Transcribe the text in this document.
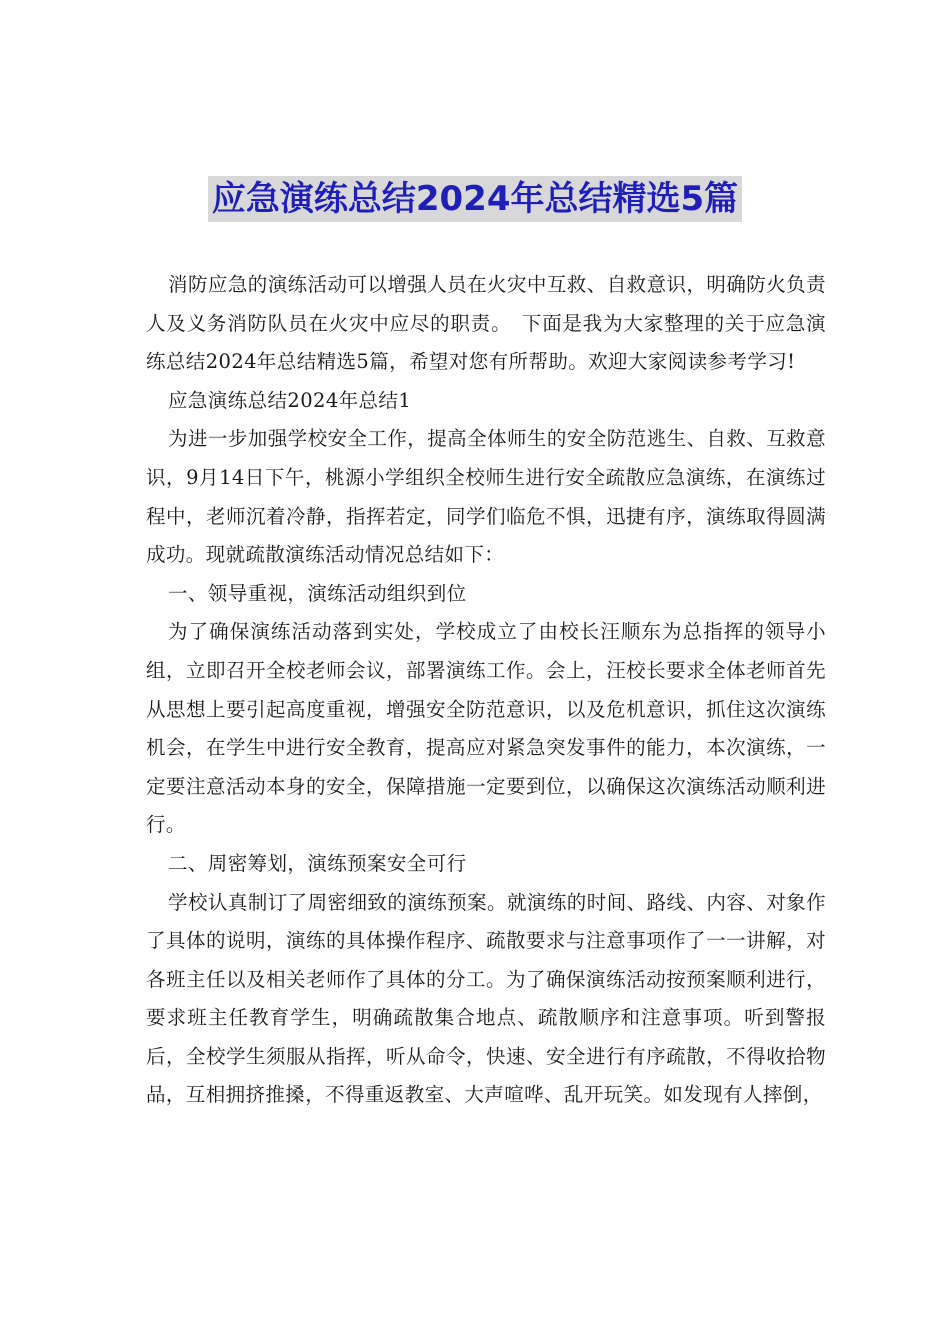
应急演练总结2024年总结精选5篇

消防应急的演练活动可以增强人员在火灾中互救、自救意识，明确防火负责人及义务消防队员在火灾中应尽的职责。　下面是我为大家整理的关于应急演练总结2024年总结精选5篇，希望对您有所帮助。欢迎大家阅读参考学习!

应急演练总结2024年总结1

为进一步加强学校安全工作，提高全体师生的安全防范逃生、自救、互救意识，9月14日下午，桃源小学组织全校师生进行安全疏散应急演练，在演练过程中，老师沉着冷静，指挥若定，同学们临危不惧，迅捷有序，演练取得圆满成功。现就疏散演练活动情况总结如下：

一、领导重视，演练活动组织到位

为了确保演练活动落到实处，学校成立了由校长汪顺东为总指挥的领导小组，立即召开全校老师会议，部署演练工作。会上，汪校长要求全体老师首先从思想上要引起高度重视，增强安全防范意识，以及危机意识，抓住这次演练机会，在学生中进行安全教育，提高应对紧急突发事件的能力，本次演练，一定要注意活动本身的安全，保障措施一定要到位，以确保这次演练活动顺利进行。

二、周密筹划，演练预案安全可行

学校认真制订了周密细致的演练预案。就演练的时间、路线、内容、对象作了具体的说明，演练的具体操作程序、疏散要求与注意事项作了一一讲解，对各班主任以及相关老师作了具体的分工。为了确保演练活动按预案顺利进行，要求班主任教育学生，明确疏散集合地点、疏散顺序和注意事项。听到警报后，全校学生须服从指挥，听从命令，快速、安全进行有序疏散，不得收拾物品，互相拥挤推搡，不得重返教室、大声喧哗、乱开玩笑。如发现有人摔倒，
